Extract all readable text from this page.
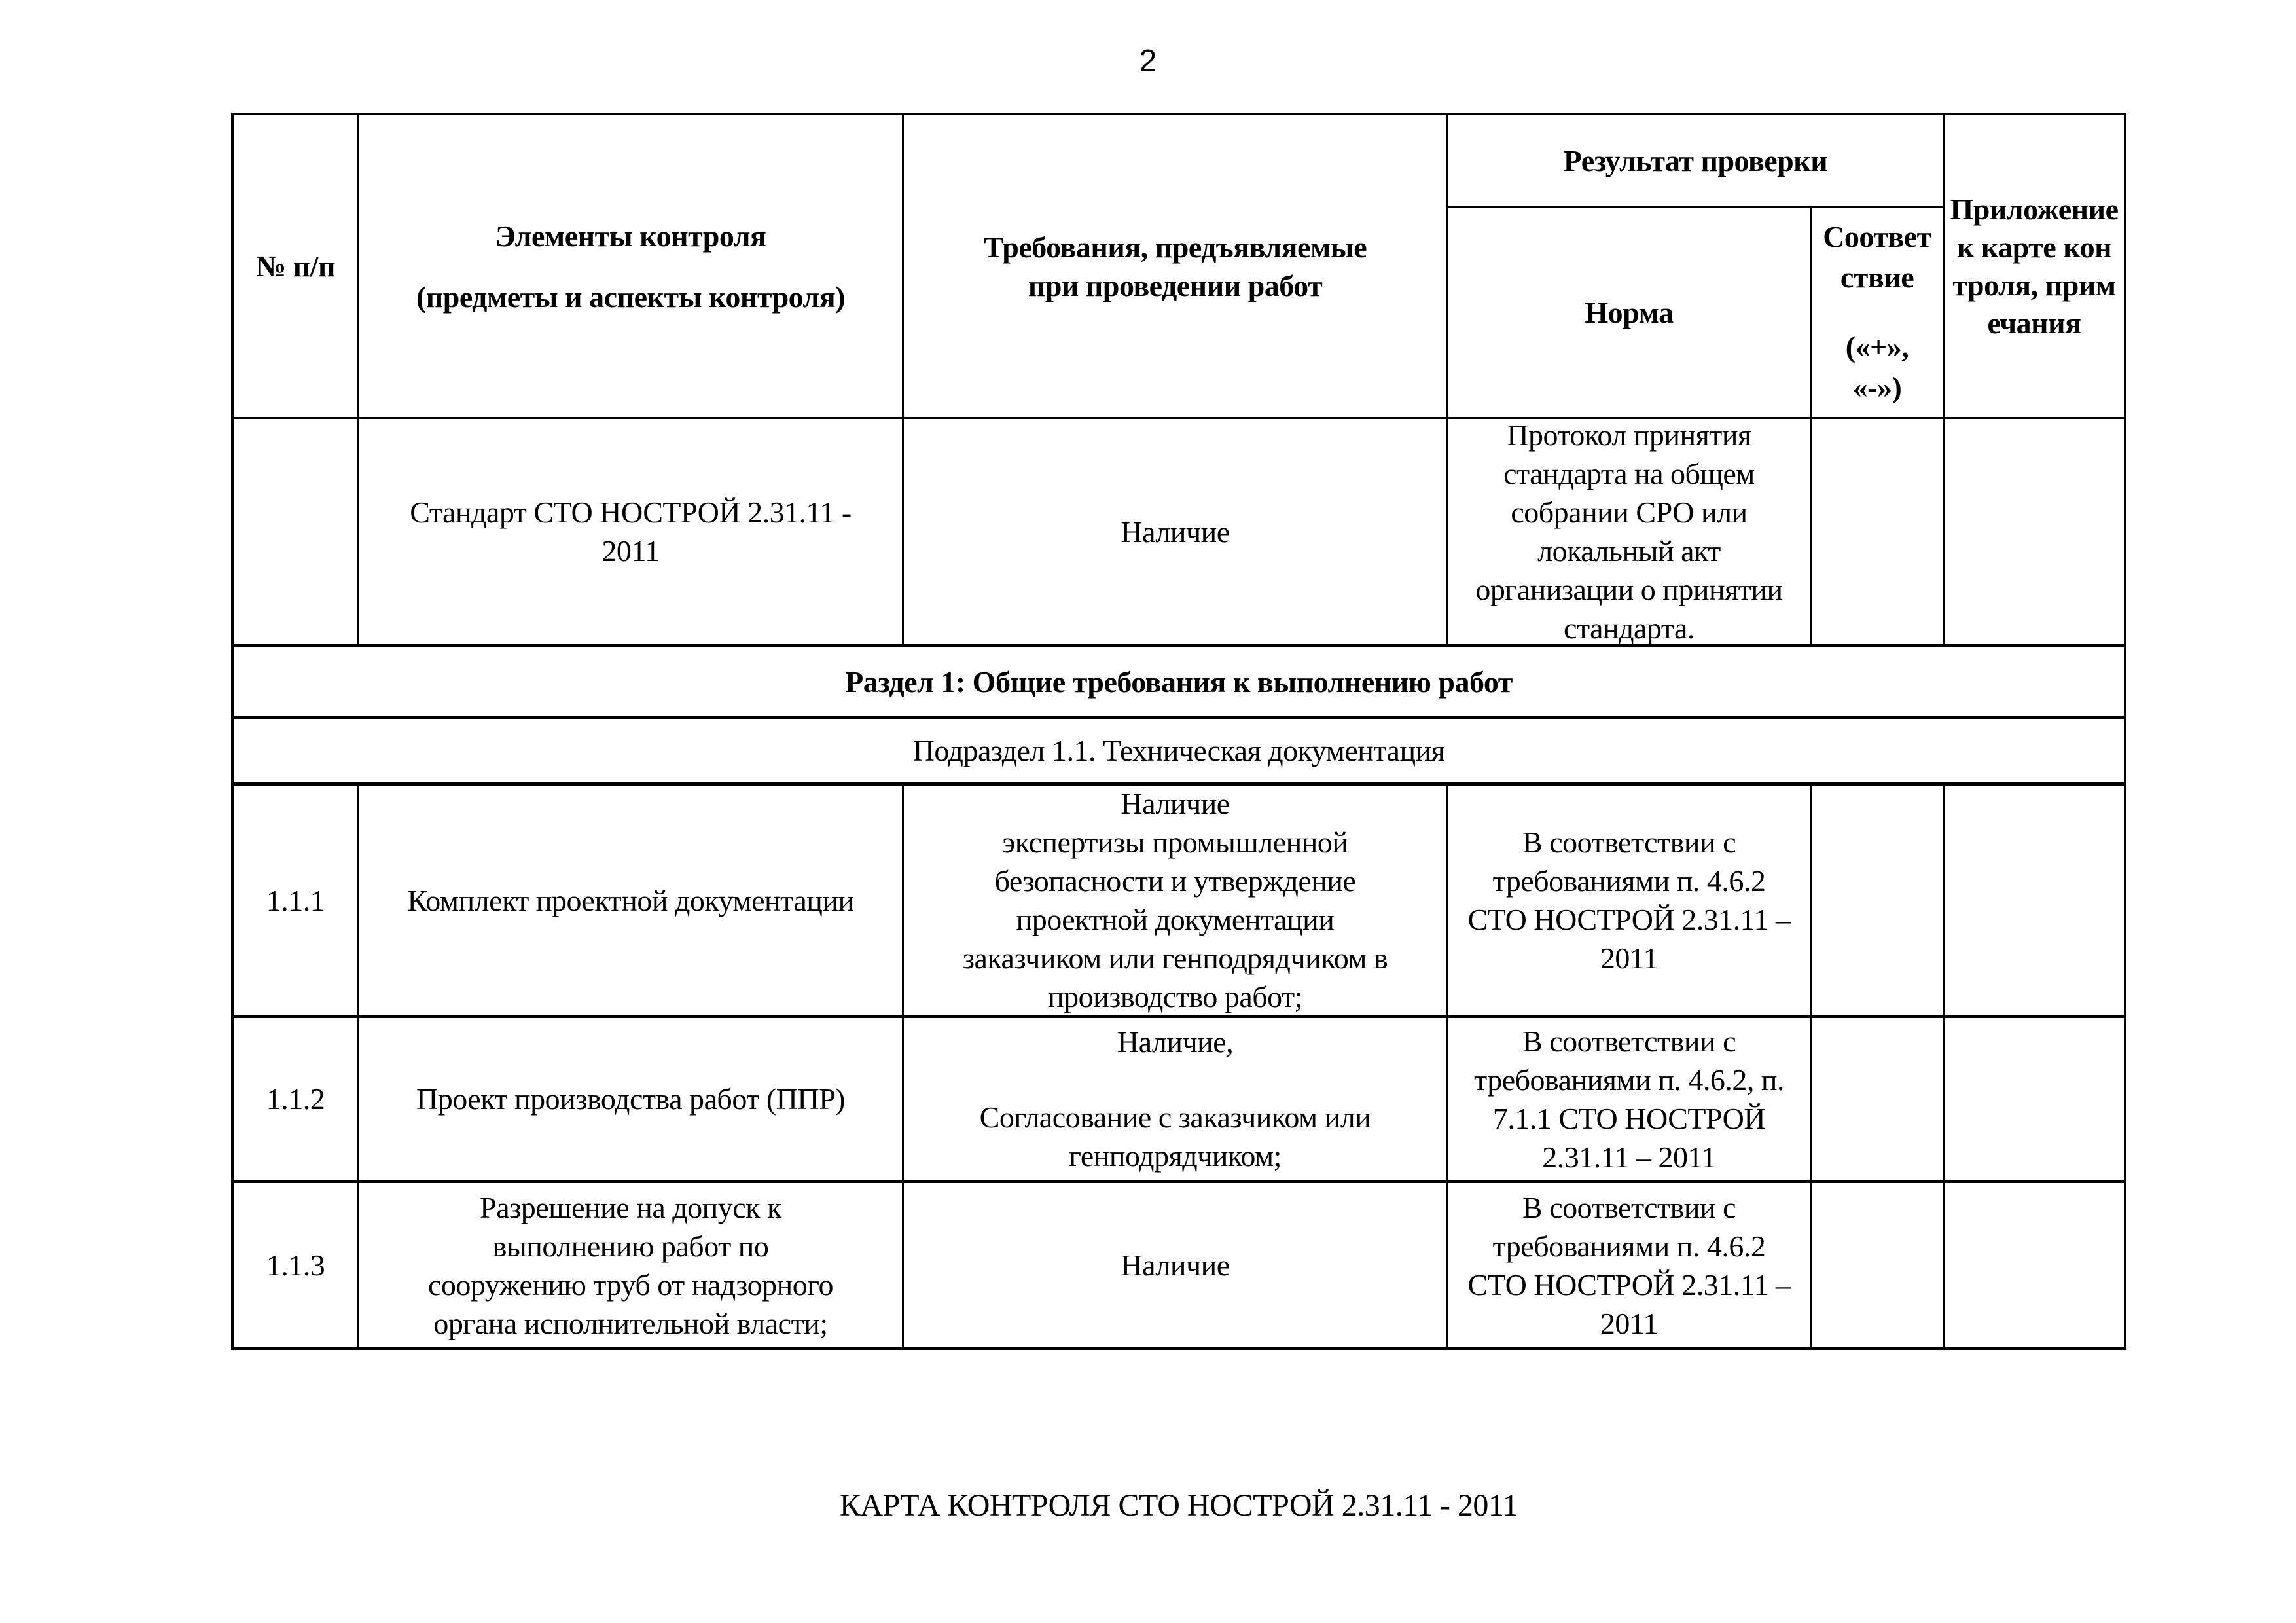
2
№ п/п
Элементы контроля
(предметы и аспекты контроля)
Требования, предъявляемые при проведении работ
Результат проверки
Норма
Соответствие
(«+», «-»)
Приложение к карте контроля, примечания
Стандарт СТО НОСТРОЙ 2.31.11 - 2011
Наличие
Протокол принятия стандарта на общем собрании СРО или локальный акт организации о принятии стандарта.
Раздел 1: Общие требования к выполнению работ
Подраздел 1.1. Техническая документация
1.1.1	Комплект проектной документации
Наличие
экспертизы промышленной безопасности и утверждение проектной документации заказчиком или генподрядчиком в производство работ;
В соответствии с требованиями п. 4.6.2 СТО НОСТРОЙ 2.31.11 – 2011
1.1.2	Проект производства работ (ППР)
Наличие,
Согласование с заказчиком или генподрядчиком;
В соответствии с требованиями п. 4.6.2, п. 7.1.1 СТО НОСТРОЙ 2.31.11 – 2011
1.1.3
Разрешение на допуск к выполнению работ по сооружению труб от надзорного органа исполнительной власти;
Наличие
В соответствии с требованиями п. 4.6.2 СТО НОСТРОЙ 2.31.11 – 2011
КАРТА КОНТРОЛЯ СТО НОСТРОЙ 2.31.11 - 2011
